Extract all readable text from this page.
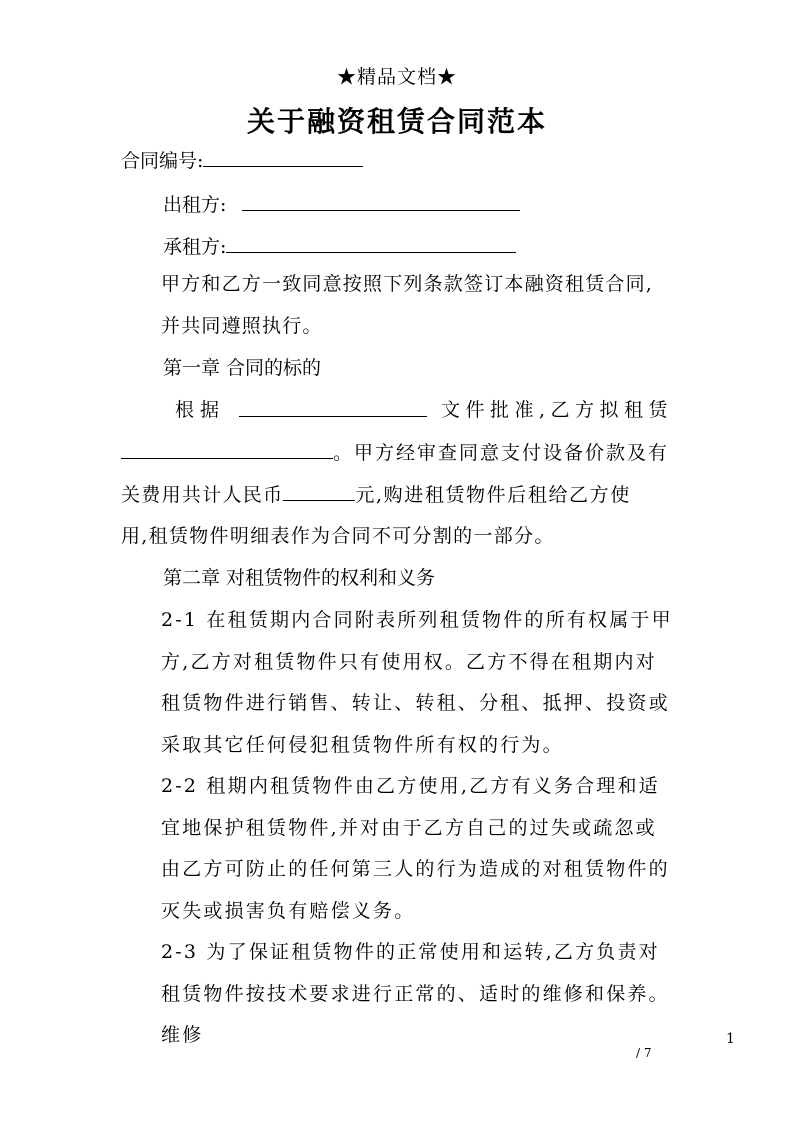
★精品文档★
关于融资租赁合同范本
合同编号:
出租方:
承租方:
甲方和乙方一致同意按照下列条款签订本融资租赁合同,并共同遵照执行。
第一章 合同的标的
根据	文件批准,乙方拟租赁
。甲方经审查同意支付设备价款及有
关费用共计人民币	元,购进租赁物件后租给乙方使
用,租赁物件明细表作为合同不可分割的一部分。
第二章 对租赁物件的权利和义务
2-1 在租赁期内合同附表所列租赁物件的所有权属于甲方,乙方对租赁物件只有使用权。乙方不得在租期内对租赁物件进行销售、转让、转租、分租、抵押、投资或采取其它任何侵犯租赁物件所有权的行为。
2-2 租期内租赁物件由乙方使用,乙方有义务合理和适宜地保护租赁物件,并对由于乙方自己的过失或疏忽或由乙方可防止的任何第三人的行为造成的对租赁物件的灭失或损害负有赔偿义务。
2-3 为了保证租赁物件的正常使用和运转,乙方负责对租赁物件按技术要求进行正常的、适时的维修和保养。维修	1
/ 7
